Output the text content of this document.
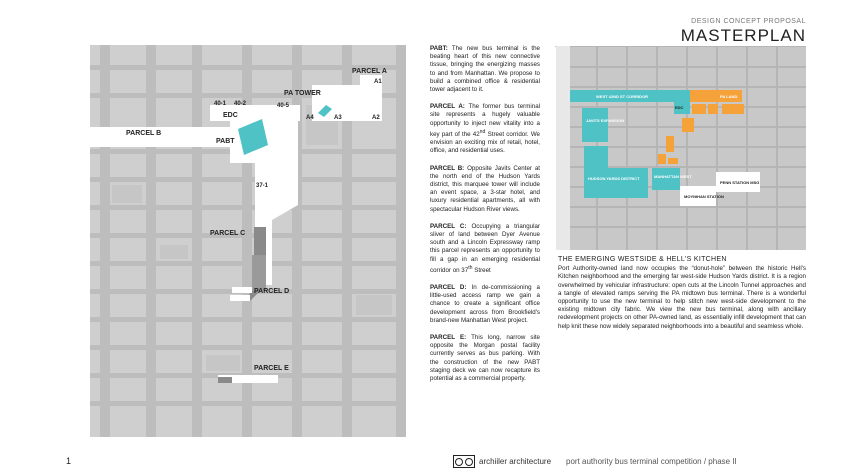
DESIGN CONCEPT PROPOSAL
MASTERPLAN
PARCEL A
PA TOWER
A1
A2
A3
A4
40-1 40-2	40-5
EDC
PARCEL B
PABT
37-1
PARCEL C
PARCEL D
PARCEL E

PABT: The new bus terminal is the beating heart of this new connective tissue, bringing the energizing masses to and from Manhattan. We propose to build a combined office & residential tower adjacent to it.

PARCEL A: The former bus terminal site represents a hugely valuable opportunity to inject new vitality into a key part of the 42nd Street corridor. We envision an exciting mix of retail, hotel, office, and residential uses.

PARCEL B: Opposite Javits Center at the north end of the Hudson Yards district, this marquee tower will include an event space, a 3-star hotel, and luxury residential apartments, all with spectacular Hudson River views.

PARCEL C: Occupying a triangular sliver of land between Dyer Avenue south and a Lincoln Expressway ramp this parcel represents an opportunity to fill a gap in an emerging residential corridor on 37th Street

PARCEL D: In de-commissioning a little-used access ramp we gain a chance to create a significant office development across from Brookfield's brand-new Manhattan West project.

PARCEL E: This long, narrow site opposite the Morgan postal facility currently serves as bus parking. With the construction of the new PABT staging deck we can now recapture its potential as a commercial property.

WEST 42ND ST CORRIDOR
EDC
PA LAND
JAVITS EXPANSION
HUDSON YARDS DISTRICT	MANHATTAN WEST
MOYNIHAN STATION
PENN STATION MSG
THE EMERGING WESTSIDE & HELL'S KITCHEN

Port Authority-owned land now occupies the “donut-hole” between the historic Hell's Kitchen neighborhood and the emerging far west-side Hudson Yards district. It is a region overwhelmed by vehicular infrastructure: open cuts at the Lincoln Tunnel approaches and a tangle of elevated ramps serving the PA midtown bus terminal. There is a wonderful opportunity to use the new terminal to help stitch new west-side development to the existing midtown city fabric. We view the new bus terminal, along with ancillary redevelopment projects on other PA-owned land, as essentially infill development that can help knit these now widely separated neighborhoods into a beautiful and seamless whole.

1	archiiler architecture port authority bus terminal competition / phase II
